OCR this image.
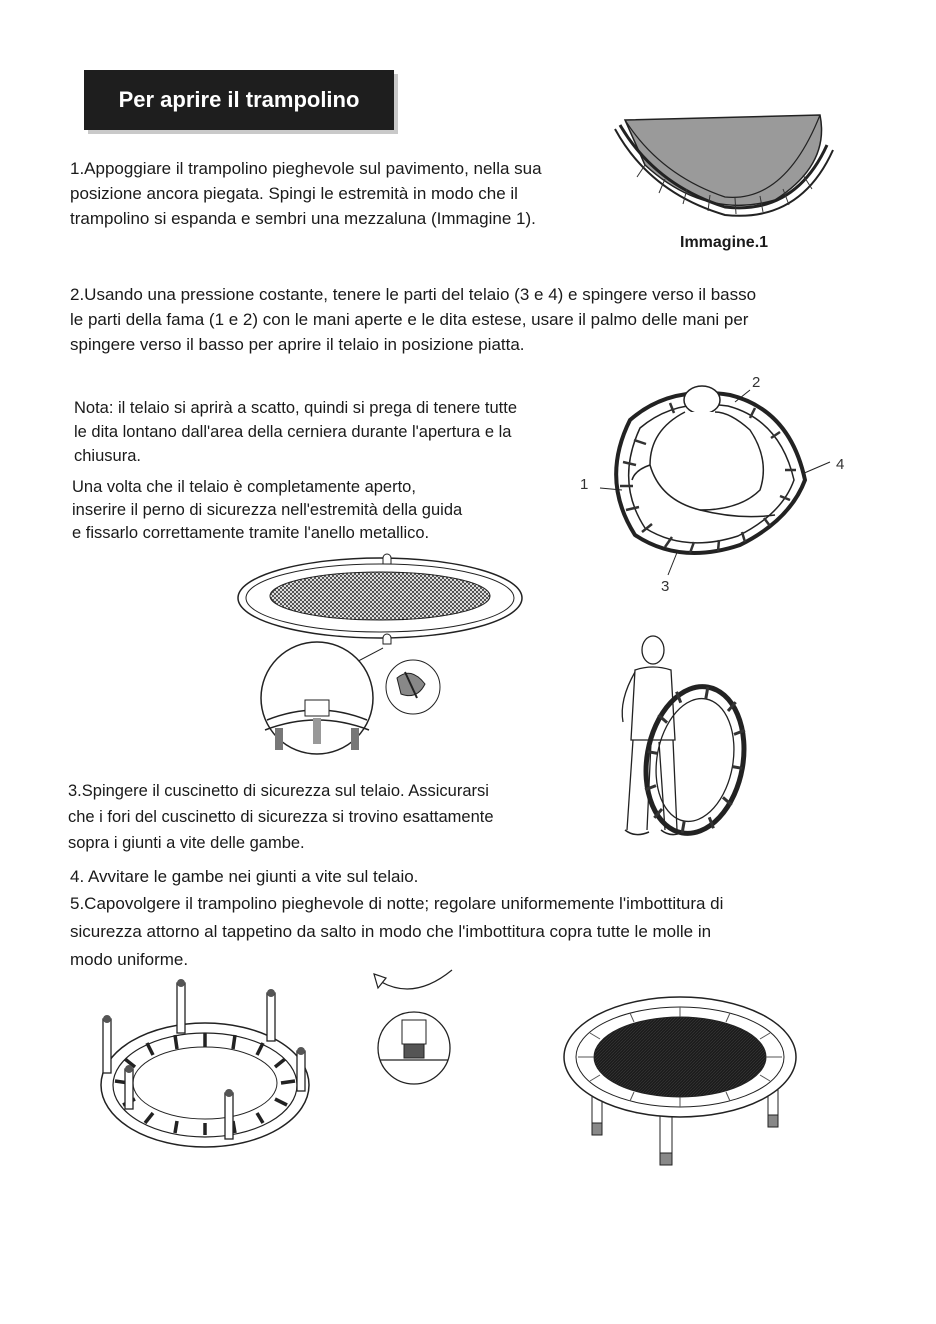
Per aprire il trampolino

1.Appoggiare il trampolino pieghevole sul pavimento, nella sua

posizione ancora piegata. Spingi le estremità in modo che il

trampolino si espanda e sembri una mezzaluna (Immagine 1).

Immagine.1

2.Usando una pressione costante, tenere le parti del telaio (3 e 4) e spingere verso il basso

le parti della fama (1 e 2) con le mani aperte e le dita estese, usare il palmo delle mani per

spingere verso il basso per aprire il telaio in posizione piatta.

Nota: il telaio si aprirà a scatto, quindi si prega di tenere tutte

le dita lontano dall'area della cerniera durante l'apertura e la

chiusura.

Una volta che il telaio è completamente aperto,

inserire il perno di sicurezza nell'estremità della guida

e fissarlo correttamente tramite l'anello metallico.

1
2
3
4

3.Spingere il cuscinetto di sicurezza sul telaio. Assicurarsi

che i fori del cuscinetto di sicurezza si trovino esattamente

sopra i giunti a vite delle gambe.

4. Avvitare le gambe nei giunti a vite sul telaio.

5.Capovolgere il trampolino pieghevole di notte; regolare uniformemente l'imbottitura di

sicurezza attorno al tappetino da salto in modo che l'imbottitura copra tutte le molle in

modo uniforme.
